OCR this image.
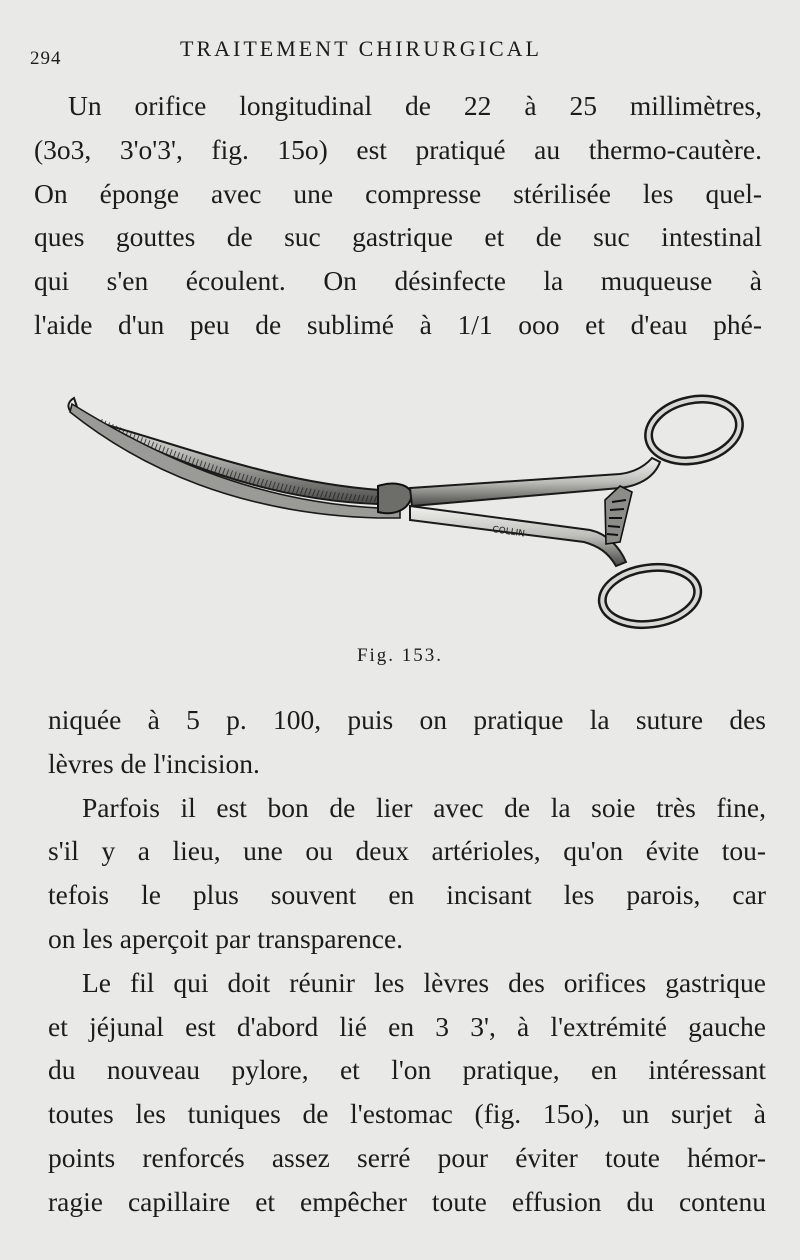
294	TRAITEMENT CHIRURGICAL

Un orifice longitudinal de 22 à 25 millimètres,
(3o3, 3'o'3', fig. 15o) est pratiqué au thermo-cautère.
On éponge avec une compresse stérilisée les quel-
ques gouttes de suc gastrique et de suc intestinal
qui s'en écoulent. On désinfecte la muqueuse à
l'aide d'un peu de sublimé à 1/1 ooo et d'eau phé-

COLLIN
Fig. 153.

niquée à 5 p. 100, puis on pratique la suture des
lèvres de l'incision.

Parfois il est bon de lier avec de la soie très fine,
s'il y a lieu, une ou deux artérioles, qu'on évite tou-
tefois le plus souvent en incisant les parois, car
on les aperçoit par transparence.

Le fil qui doit réunir les lèvres des orifices gastrique
et jéjunal est d'abord lié en 3 3', à l'extrémité gauche
du nouveau pylore, et l'on pratique, en intéressant
toutes les tuniques de l'estomac (fig. 15o), un surjet à
points renforcés assez serré pour éviter toute hémor-
ragie capillaire et empêcher toute effusion du contenu
